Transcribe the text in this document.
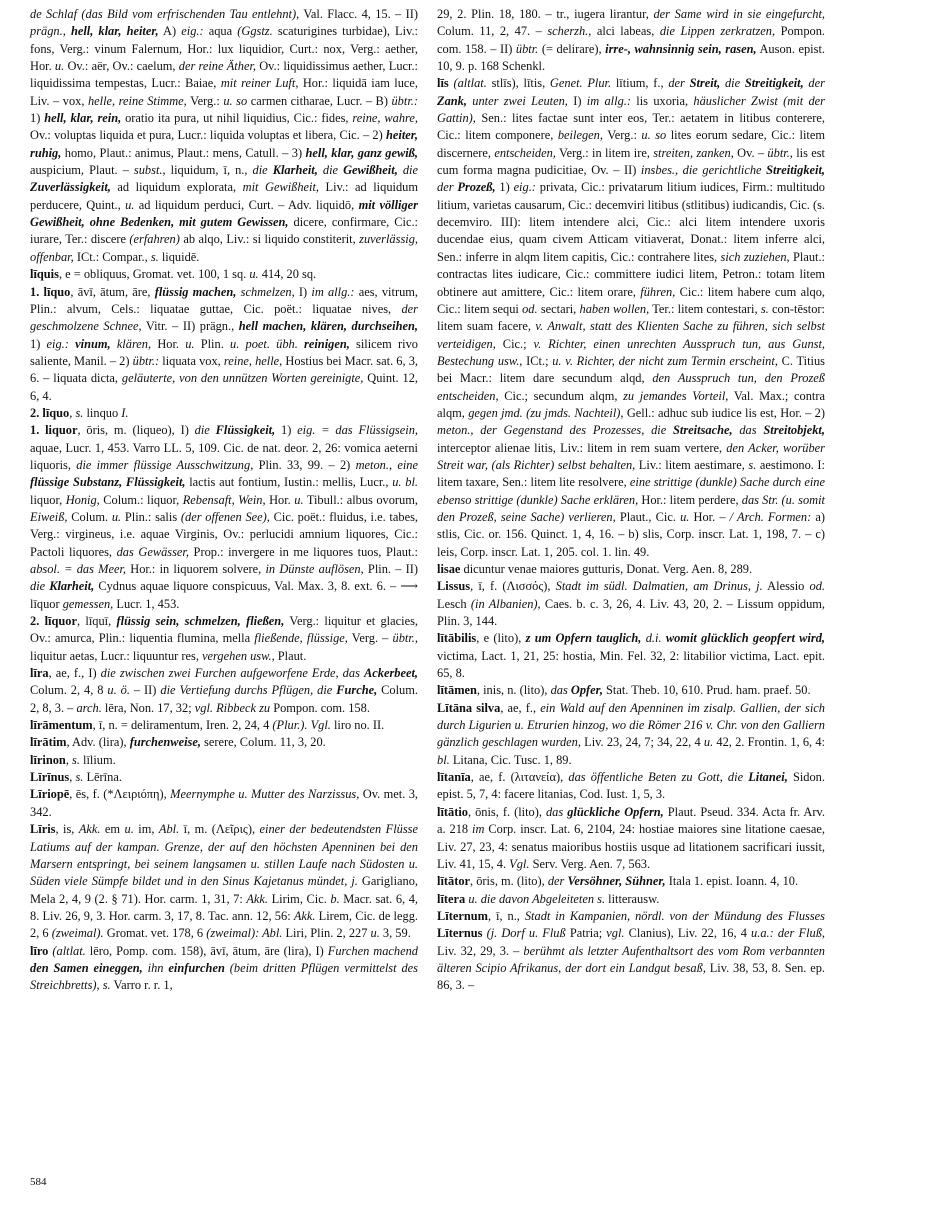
de Schlaf (das Bild vom erfrischenden Tau entlehnt), Val. Flacc. 4, 15. – II) prägn., hell, klar, heiter, A) eig.: aqua (Ggstz. scaturigines turbidae), Liv.: fons, Verg.: vinum Falernum, Hor.: lux liquidior, Curt.: nox, Verg.: aether, Hor. u. Ov.: aër, Ov.: caelum, der reine Äther, Ov.: liquidissimus aether, Lucr.: liquidissima tempestas, Lucr.: Baiae, mit reiner Luft, Hor.: liquidā iam luce, Liv. – vox, helle, reine Stimme, Verg.: u. so carmen citharae, Lucr. – B) übtr.: 1) hell, klar, rein, oratio ita pura, ut nihil liquidius, Cic.: fides, reine, wahre, Ov.: voluptas liquida et pura, Lucr.: liquida voluptas et libera, Cic. – 2) heiter, ruhig, homo, Plaut.: animus, Plaut.: mens, Catull. – 3) hell, klar, ganz gewiß, auspicium, Plaut. – subst., liquidum, ī, n., die Klarheit, die Gewißheit, die Zuverlässigkeit, ad liquidum explorata, mit Gewißheit, Liv.: ad liquidum perducere, Quint., u. ad liquidum perduci, Curt. – Adv. liquidō, mit völliger Gewißheit, ohne Bedenken, mit gutem Gewissen, dicere, confirmare, Cic.: iurare, Ter.: discere (erfahren) ab alqo, Liv.: si liquido constiterit, zuverlässig, offenbar, ICt.: Compar., s. liquidē.

līquis, e = obliquus, Gromat. vet. 100, 1 sq. u. 414, 20 sq.

1. līquo, āvī, ātum, āre, flüssig machen, schmelzen, I) im allg.: aes, vitrum, Plin.: alvum, Cels.: liquatae guttae, Cic. poët.: liquatae nives, der geschmolzene Schnee, Vitr. – II) prägn., hell machen, klären, durchseihen, 1) eig.: vinum, klären, Hor. u. Plin. u. poet. übh. reinigen, silicem rivo saliente, Manil. – 2) übtr.: liquata vox, reine, helle, Hostius bei Macr. sat. 6, 3, 6. – liquata dicta, geläuterte, von den unnützen Worten gereinigte, Quint. 12, 6, 4.

2. līquo, s. linquo I.

1. liquor, ōris, m. (liqueo), I) die Flüssigkeit, 1) eig. = das Flüssigsein, aquae, Lucr. 1, 453. Varro LL. 5, 109. Cic. de nat. deor. 2, 26: vomica aeterni liquoris, die immer flüssige Ausschwitzung, Plin. 33, 99. – 2) meton., eine flüssige Substanz, Flüssigkeit, lactis aut fontium, Iustin.: mellis, Lucr., u. bl. liquor, Honig, Colum.: liquor, Rebensaft, Wein, Hor. u. Tibull.: albus ovorum, Eiweiß, Colum. u. Plin.: salis (der offenen See), Cic. poët.: fluidus, i.e. tabes, Verg.: virgineus, i.e. aquae Virginis, Ov.: perlucidi amnium liquores, Cic.: Pactoli liquores, das Gewässer, Prop.: invergere in me liquores tuos, Plaut.: absol. = das Meer, Hor.: in liquorem solvere, in Dünste auflösen, Plin. – II) die Klarheit, Cydnus aquae liquore conspicuus, Val. Max. 3, 8. ext. 6. – ⟶ līquor gemessen, Lucr. 1, 453.

2. līquor, līquī, flüssig sein, schmelzen, fließen, Verg.: liquitur et glacies, Ov.: amurca, Plin.: liquentia flumina, mella fließende, flüssige, Verg. – übtr., liquitur aetas, Lucr.: liquuntur res, vergehen usw., Plaut.

līra, ae, f., I) die zwischen zwei Furchen aufgeworfene Erde, das Ackerbeet, Colum. 2, 4, 8 u. ö. – II) die Vertiefung durchs Pflügen, die Furche, Colum. 2, 8, 3. – arch. lēra, Non. 17, 32; vgl. Ribbeck zu Pompon. com. 158.

līrāmentum, ī, n. = deliramentum, Iren. 2, 24, 4 (Plur.). Vgl. liro no. II.

līrātim, Adv. (lira), furchenweise, serere, Colum. 11, 3, 20.

līrinon, s. līlium.

Līrīnus, s. Lērīna.

Līriopē, ēs, f. (*Λειριόπη), Meernymphe u. Mutter des Narzissus, Ov. met. 3, 342.

Līris, is, Akk. em u. im, Abl. ī, m. (Λεῖρις), einer der bedeutendsten Flüsse Latiums auf der kampan. Grenze, der auf den höchsten Apenninen bei den Marsern entspringt, bei seinem langsamen u. stillen Laufe nach Südosten u. Süden viele Sümpfe bildet und in den Sinus Kajetanus mündet, j. Garigliano, Mela 2, 4, 9 (2. § 71). Hor. carm. 1, 31, 7: Akk. Lirim, Cic. b. Macr. sat. 6, 4, 8. Liv. 26, 9, 3. Hor. carm. 3, 17, 8. Tac. ann. 12, 56: Akk. Lirem, Cic. de legg. 2, 6 (zweimal). Gromat. vet. 178, 6 (zweimal): Abl. Liri, Plin. 2, 227 u. 3, 59.

līro (altlat. lēro, Pomp. com. 158), āvī, ātum, āre (lira), I) Furchen machend den Samen eineggen, ihn einfurchen (beim dritten Pflügen vermittelst des Streichbretts), s. Varro r. r. 1,

29, 2. Plin. 18, 180. – tr., iugera lirantur, der Same wird in sie eingefurcht, Colum. 11, 2, 47. – scherzh., alci labeas, die Lippen zerkratzen, Pompon. com. 158. – II) übtr. (= delirare), irre-, wahnsinnig sein, rasen, Auson. epist. 10, 9. p. 168 Schenkl.

līs (altlat. stlīs), lītis, Genet. Plur. lītium, f., der Streit, die Streitigkeit, der Zank, unter zwei Leuten, I) im allg.: lis uxoria, häuslicher Zwist (mit der Gattin), Sen.: lites factae sunt inter eos, Ter.: aetatem in litibus conterere, Cic.: litem componere, beilegen, Verg.: u. so lites eorum sedare, Cic.: litem discernere, entscheiden, Verg.: in litem ire, streiten, zanken, Ov. – übtr., lis est cum forma magna pudicitiae, Ov. – II) insbes., die gerichtliche Streitigkeit, der Prozeß, 1) eig.: privata, Cic.: privatarum litium iudices, Firm.: multitudo litium, varietas causarum, Cic.: decemviri litibus (stlitibus) iudicandis, Cic. (s. decemviro. III): litem intendere alci, Cic.: alci litem intendere uxoris ducendae eius, quam civem Atticam vitiaverat, Donat.: litem inferre alci, Sen.: inferre in alqm litem capitis, Cic.: contrahere lites, sich zuziehen, Plaut.: contractas lites iudicare, Cic.: committere iudici litem, Petron.: totam litem obtinere aut amittere, Cic.: litem orare, führen, Cic.: litem habere cum alqo, Cic.: litem sequi od. sectari, haben wollen, Ter.: litem contestari, s. con-tēstor: litem suam facere, v. Anwalt, statt des Klienten Sache zu führen, sich selbst verteidigen, Cic.; v. Richter, einen unrechten Ausspruch tun, aus Gunst, Bestechung usw., ICt.; u. v. Richter, der nicht zum Termin erscheint, C. Titius bei Macr.: litem dare secundum alqd, den Ausspruch tun, den Prozeß entscheiden, Cic.; secundum alqm, zu jemandes Vorteil, Val. Max.; contra alqm, gegen jmd. (zu jmds. Nachteil), Gell.: adhuc sub iudice lis est, Hor. – 2) meton., der Gegenstand des Prozesses, die Streitsache, das Streitobjekt, interceptor alienae litis, Liv.: litem in rem suam vertere, den Acker, worüber Streit war, (als Richter) selbst behalten, Liv.: litem aestimare, s. aestimono. I: litem taxare, Sen.: litem lite resolvere, eine strittige (dunkle) Sache durch eine ebenso strittige (dunkle) Sache erklären, Hor.: litem perdere, das Str. (u. somit den Prozeß, seine Sache) verlieren, Plaut., Cic. u. Hor. – / Arch. Formen: a) stlis, Cic. or. 156. Quinct. 1, 4, 16. – b) slis, Corp. inscr. Lat. 1, 198, 7. – c) leis, Corp. inscr. Lat. 1, 205. col. 1. lin. 49.

lisae dicuntur venae maiores gutturis, Donat. Verg. Aen. 8, 289.

Lissus, ī, f. (Λισσός), Stadt im südl. Dalmatien, am Drinus, j. Alessio od. Lesch (in Albanien), Caes. b. c. 3, 26, 4. Liv. 43, 20, 2. – Lissum oppidum, Plin. 3, 144.

lītābilis, e (lito), z um Opfern tauglich, d.i. womit glücklich geopfert wird, victima, Lact. 1, 21, 25: hostia, Min. Fel. 32, 2: litabilior victima, Lact. epit. 65, 8.

lītāmen, inis, n. (lito), das Opfer, Stat. Theb. 10, 610. Prud. ham. praef. 50.

Lītāna silva, ae, f., ein Wald auf den Apenninen im zisalp. Gallien, der sich durch Ligurien u. Etrurien hinzog, wo die Römer 216 v. Chr. von den Galliern gänzlich geschlagen wurden, Liv. 23, 24, 7; 34, 22, 4 u. 42, 2. Frontin. 1, 6, 4: bl. Litana, Cic. Tusc. 1, 89.

lītanīa, ae, f. (λιτανεία), das öffentliche Beten zu Gott, die Litanei, Sidon. epist. 5, 7, 4: facere litanias, Cod. Iust. 1, 5, 3.

lītātio, ōnis, f. (lito), das glückliche Opfern, Plaut. Pseud. 334. Acta fr. Arv. a. 218 im Corp. inscr. Lat. 6, 2104, 24: hostiae maiores sine litatione caesae, Liv. 27, 23, 4: senatus maioribus hostiis usque ad litationem sacrificari iussit, Liv. 41, 15, 4. Vgl. Serv. Verg. Aen. 7, 563.

lītātor, ōris, m. (lito), der Versöhner, Sühner, Itala 1. epist. Ioann. 4, 10.

lītera u. die davon Abgeleiteten s. litterausw.

Līternum, ī, n., Stadt in Kampanien, nördl. von der Mündung des Flusses Līternus (j. Dorf u. Fluß Patria; vgl. Clanius), Liv. 22, 16, 4 u.a.: der Fluß, Liv. 32, 29, 3. – berühmt als letzter Aufenthaltsort des vom Rom verbannten älteren Scipio Afrikanus, der dort ein Landgut besaß, Liv. 38, 53, 8. Sen. ep. 86, 3. –

584
